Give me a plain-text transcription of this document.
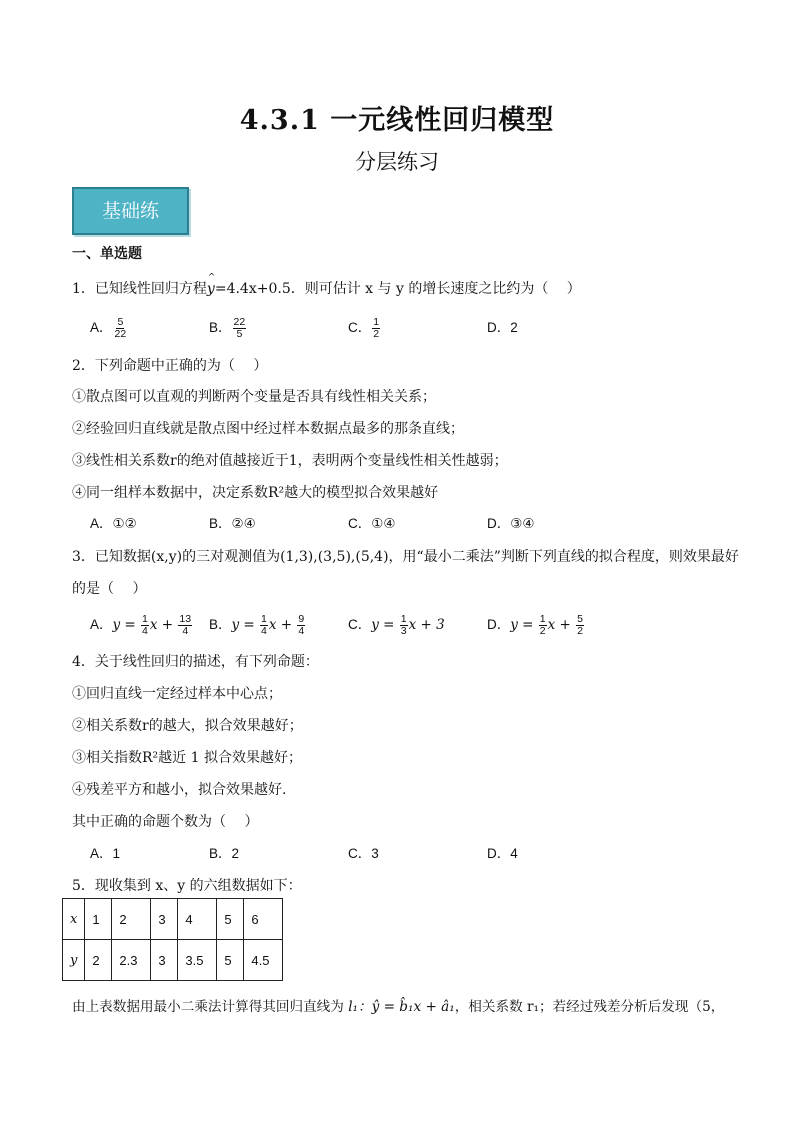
4.3.1 一元线性回归模型
分层练习
基础练
一、单选题
1．已知线性回归方程^ y=4.4x+0.5．则可估计 x 与 y 的增长速度之比约为（　 ）
A． $\frac{5}{22}$	B． $\frac{22}{5}$	C． $\frac{1}{2}$	D．2
2．下列命题中正确的为（　 ）
①散点图可以直观的判断两个变量是否具有线性相关关系；
②经验回归直线就是散点图中经过样本数据点最多的那条直线；
③线性相关系数r的绝对值越接近于1，表明两个变量线性相关性越弱；
④同一组样本数据中，决定系数R²越大的模型拟合效果越好
A．①②	B．②④	C．①④	D．③④
3．已知数据(x,y)的三对观测值为(1,3),(3,5),(5,4)，用“最小二乘法”判断下列直线的拟合程度，则效果最好
的是（　 ）
A．$y = \frac{1}{4}$ $x + \frac{13}{4}$ B．$y = \frac{1}{4}$ $x + \frac{9}{4}$	C．$y = \frac{1}{3}$ x + 3	D．$y = \frac{1}{2}$ $x + \frac{5}{2}$
4．关于线性回归的描述，有下列命题：
①回归直线一定经过样本中心点；
②相关系数r的越大，拟合效果越好；
③相关指数R²越近 1 拟合效果越好；
④残差平方和越小，拟合效果越好.
其中正确的命题个数为（　 ）
A．1	B．2	C．3	D．4
5．现收集到 x、y 的六组数据如下：
x	1	2	3	4	5	6
y	2	2.3	3	3.5	5	4.5
由上表数据用最小二乘法计算得其回归直线为 l₁：ŷ = b̂₁x + â₁，相关系数 r₁；若经过残差分析后发现（5，
